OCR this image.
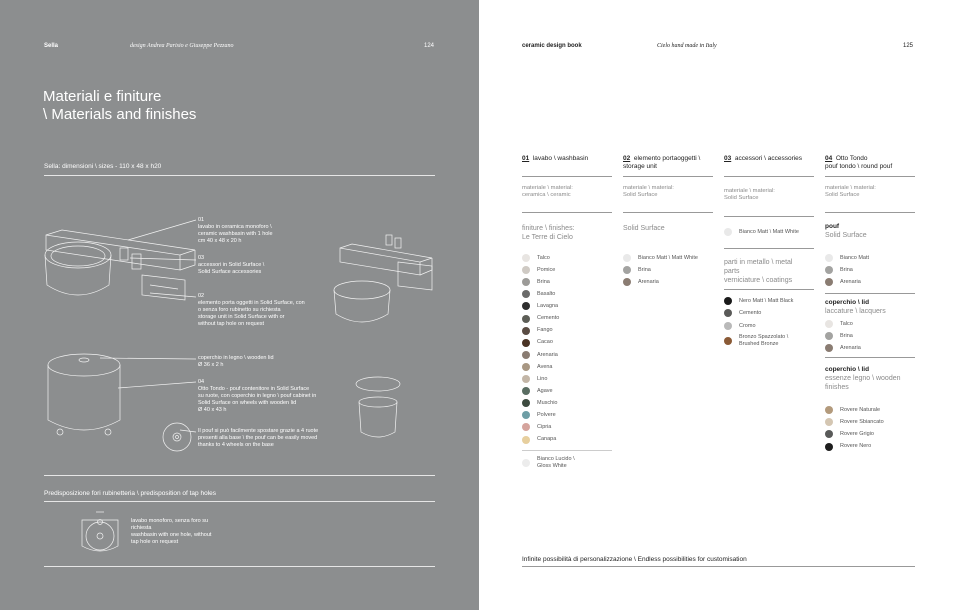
Sella	design Andrea Parisio e Giuseppe Pezzano	124
Materiali e finiture
\ Materials and finishes
Sella: dimensioni \ sizes - 110 x 48 x h20
01
lavabo in ceramica monoforo \
ceramic washbasin with 1 hole
cm 40 x 48 x 20 h
03
accessori in Solid Surface \
Solid Surface accessories
02
elemento porta oggetti in Solid Surface, con
o senza foro rubinetto su richiesta
storage unit in Solid Surface with or
without tap hole on request
coperchio in legno \ wooden lid
Ø 36 x 2 h
04
Otto Tondo - pouf contenitore in Solid Surface
su ruote, con coperchio in legno \ pouf cabinet in
Solid Surface on wheels with wooden lid
Ø 40 x 43 h
Il pouf si può facilmente spostare grazie a 4 ruote
presenti alla base \ the pouf can be easily moved
thanks to 4 wheels on the base
Predisposizione fori rubinetteria \ predisposition of tap holes
lavabo monoforo, senza foro su
richiesta
washbasin with one hole, without
tap hole on request
ceramic design book	Cielo hand made in Italy	125
01 lavabo \ washbasin	02 elemento portaoggetti \
storage unit
03 accessori \ accessories	04 Otto Tondo
pouf tondo \ round pouf
materiale \ material:
ceramica \ ceramic
materiale \ material:
Solid Surface
materiale \ material:
Solid Surface
materiale \ material:
Solid Surface
finiture \ finishes:
Le Terre di Cielo
Talco
Pomice
Brina
Basalto
Lavagna
Cemento
Fango
Cacao
Arenaria
Avena
Lino
Agave
Muschio
Polvere
Cipria
Canapa
Bianco Lucido \
Gloss White
Solid Surface
Bianco Matt \ Matt White
Brina
Arenaria
Bianco Matt \ Matt White
parti in metallo \ metal
parts
verniciature \ coatings
Nero Matt \ Matt Black
Cemento
Cromo
Bronzo Spazzolato \
Brushed Bronze
pouf
Solid Surface
Bianco Matt
Brina
Arenaria
coperchio \ lid
laccature \ lacquers
Talco
Brina
Arenaria
coperchio \ lid
essenze legno \ wooden
finishes
Rovere Naturale
Rovere Sbiancato
Rovere Grigio
Rovere Nero
Infinite possibilità di personalizzazione \ Endless possibilities for customisation
